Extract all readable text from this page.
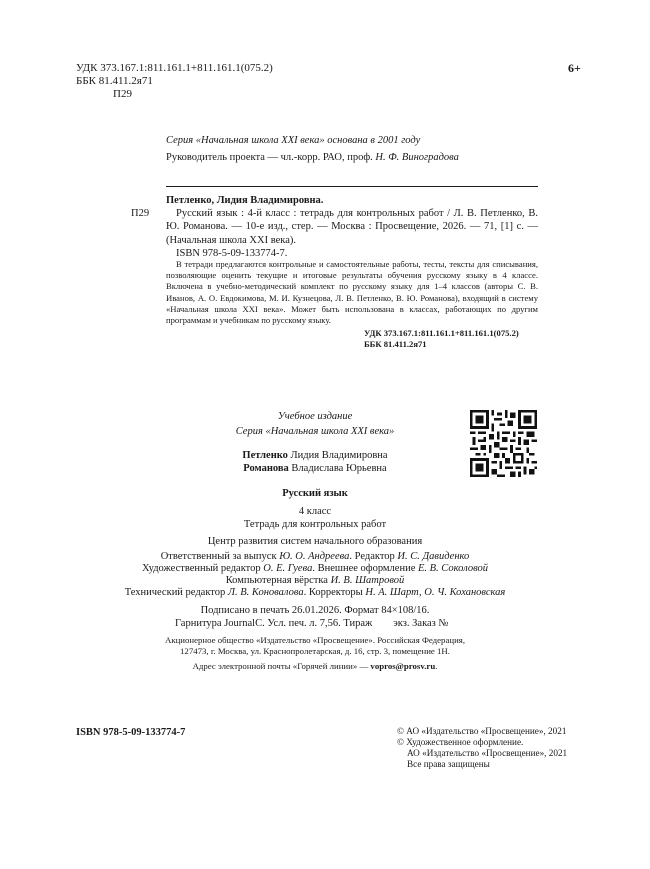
УДК 373.167.1:811.161.1+811.161.1(075.2)
ББК 81.411.2я71
П29
6+
Серия «Начальная школа XXI века» основана в 2001 году
Руководитель проекта — чл.-корр. РАО, проф. Н. Ф. Виноградова
Петленко, Лидия Владимировна.
П29	Русский язык : 4-й класс : тетрадь для контрольных работ / Л. В. Петленко, В. Ю. Романова. — 10-е изд., стер. — Москва : Просвещение, 2026. — 71, [1] с. — (Начальная школа XXI века).
ISBN 978-5-09-133774-7.
В тетради предлагаются контрольные и самостоятельные работы, тесты, тексты для списывания, позволяющие оценить текущие и итоговые результаты обучения русскому языку в 4 классе. Включена в учебно-методический комплект по русскому языку для 1–4 классов (авторы С. В. Иванов, А. О. Евдокимова, М. И. Кузнецова, Л. В. Петленко, В. Ю. Романова), входящий в систему «Начальная школа XXI века». Может быть использована в классах, работающих по другим программам и учебникам по русскому языку.
УДК 373.167.1:811.161.1+811.161.1(075.2)
ББК 81.411.2я71
Учебное издание
Серия «Начальная школа XXI века»
Петленко Лидия Владимировна
Романова Владислава Юрьевна
Русский язык
4 класс
Тетрадь для контрольных работ
Центр развития систем начального образования
Ответственный за выпуск Ю. О. Андреева. Редактор И. С. Давиденко
Художественный редактор О. Е. Гуева. Внешнее оформление Е. В. Соколовой
Компьютерная вёрстка И. В. Шатровой
Технический редактор Л. В. Коновалова. Корректоры Н. А. Шарт, О. Ч. Кохановская
Подписано в печать 26.01.2026. Формат 84×108/16.
Гарнитура JournalC. Усл. печ. л. 7,56. Тираж        экз. Заказ №
Акционерное общество «Издательство «Просвещение». Российская Федерация,
127473, г. Москва, ул. Краснопролетарская, д. 16, стр. 3, помещение 1Н.
Адрес электронной почты «Горячей линии» — vopros@prosv.ru.
ISBN 978-5-09-133774-7	© АО «Издательство «Просвещение», 2021
© Художественное оформление.
АО «Издательство «Просвещение», 2021
Все права защищены
